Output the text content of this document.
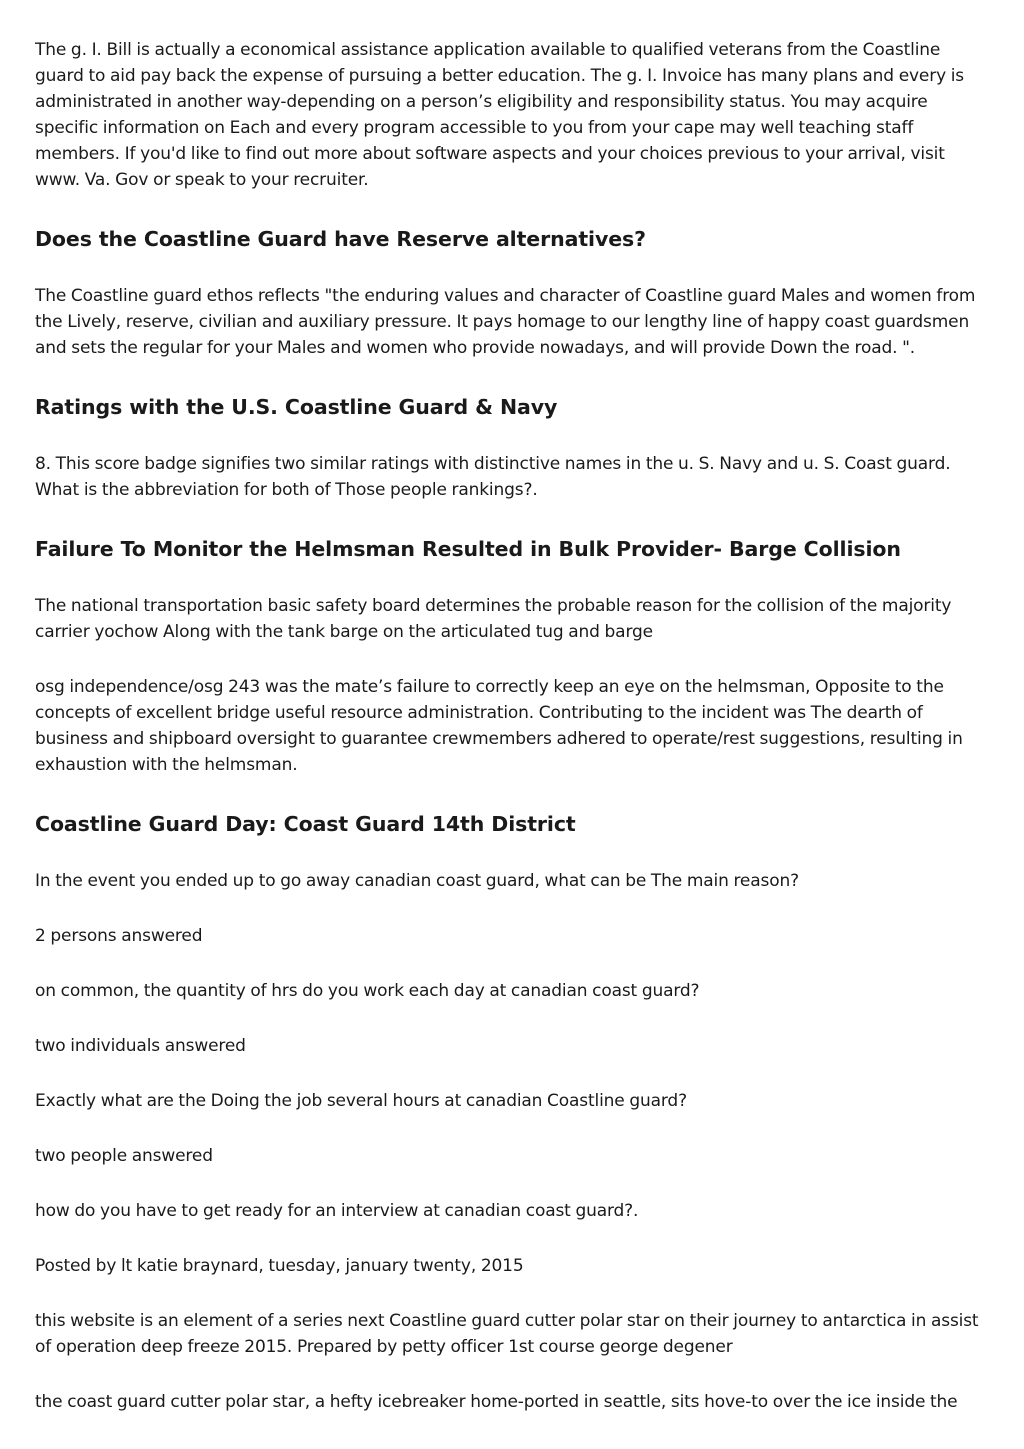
The g. I. Bill is actually a economical assistance application available to qualified veterans from the Coastline guard to aid pay back the expense of pursuing a better education. The g. I. Invoice has many plans and every is administrated in another way-depending on a person’s eligibility and responsibility status. You may acquire specific information on Each and every program accessible to you from your cape may well teaching staff members. If you'd like to find out more about software aspects and your choices previous to your arrival, visit www. Va. Gov or speak to your recruiter.

Does the Coastline Guard have Reserve alternatives?

The Coastline guard ethos reflects "the enduring values and character of Coastline guard Males and women from the Lively, reserve, civilian and auxiliary pressure. It pays homage to our lengthy line of happy coast guardsmen and sets the regular for your Males and women who provide nowadays, and will provide Down the road. ".

Ratings with the U.S. Coastline Guard & Navy

8. This score badge signifies two similar ratings with distinctive names in the u. S. Navy and u. S. Coast guard. What is the abbreviation for both of Those people rankings?.

Failure To Monitor the Helmsman Resulted in Bulk Provider- Barge Collision

The national transportation basic safety board determines the probable reason for the collision of the majority carrier yochow Along with the tank barge on the articulated tug and barge

osg independence/osg 243 was the mate’s failure to correctly keep an eye on the helmsman, Opposite to the concepts of excellent bridge useful resource administration. Contributing to the incident was The dearth of business and shipboard oversight to guarantee crewmembers adhered to operate/rest suggestions, resulting in exhaustion with the helmsman.

Coastline Guard Day: Coast Guard 14th District

In the event you ended up to go away canadian coast guard, what can be The main reason?

2 persons answered

on common, the quantity of hrs do you work each day at canadian coast guard?

two individuals answered

Exactly what are the Doing the job several hours at canadian Coastline guard?

two people answered

how do you have to get ready for an interview at canadian coast guard?.

Posted by lt katie braynard, tuesday, january twenty, 2015

this website is an element of a series next Coastline guard cutter polar star on their journey to antarctica in assist of operation deep freeze 2015. Prepared by petty officer 1st course george degener

the coast guard cutter polar star, a hefty icebreaker home-ported in seattle, sits hove-to over the ice inside the
